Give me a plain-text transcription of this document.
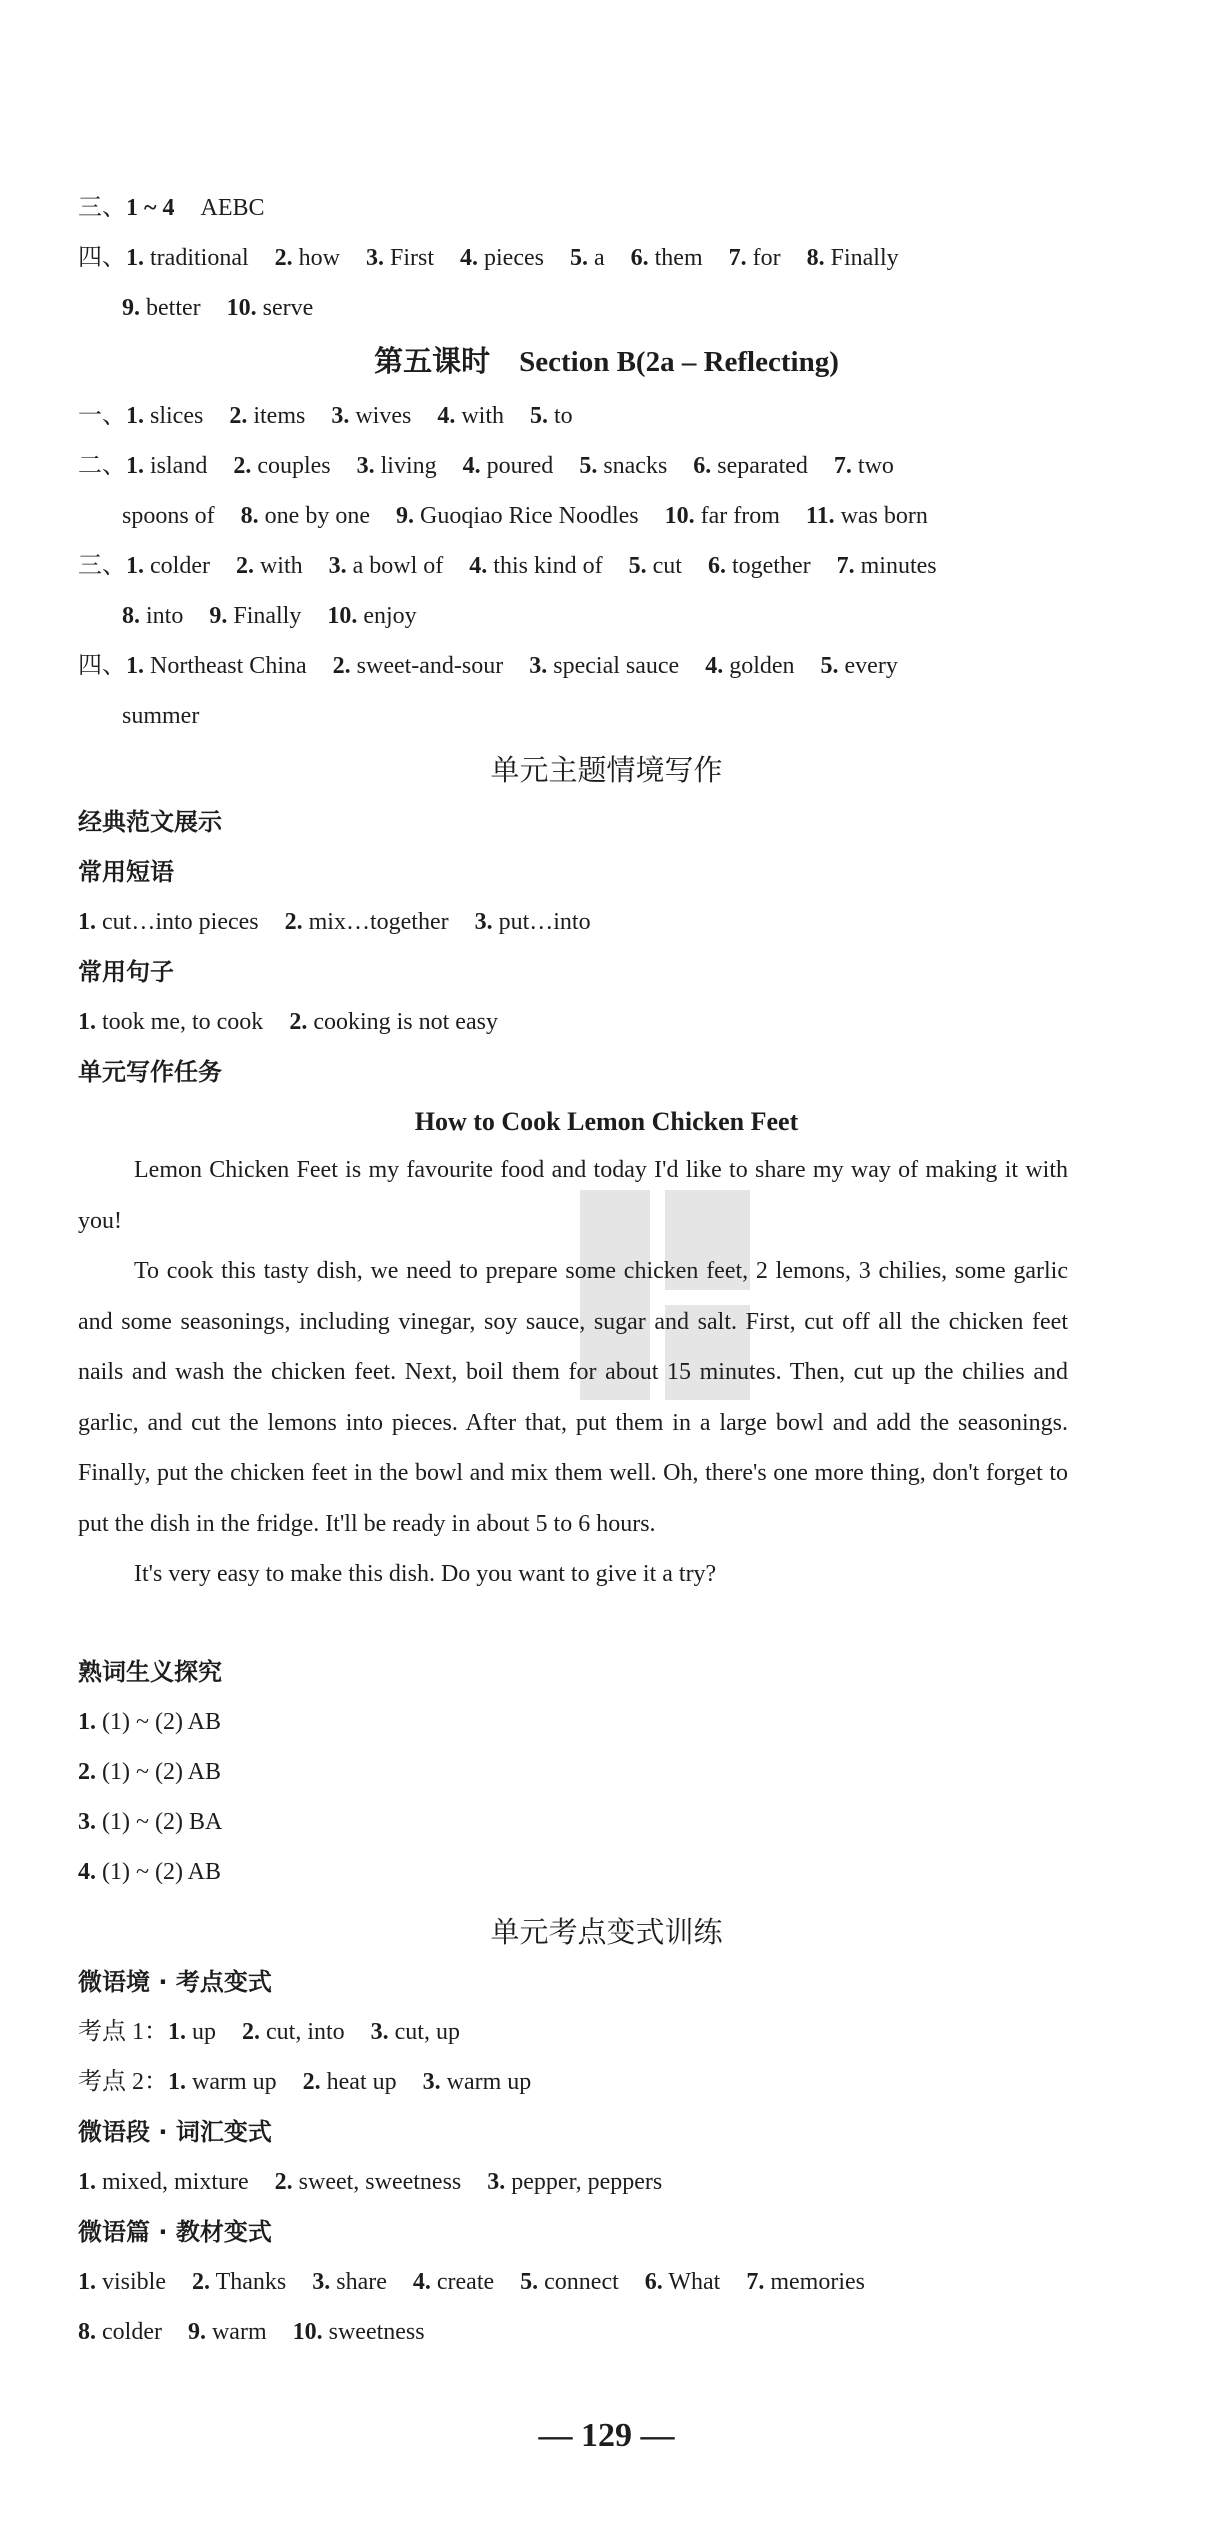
三、1 ~ 4 AEBC
四、1. traditional 2. how 3. First 4. pieces 5. a 6. them 7. for 8. Finally
9. better 10. serve
第五课时　Section B(2a – Reflecting)
一、1. slices 2. items 3. wives 4. with 5. to
二、1. island 2. couples 3. living 4. poured 5. snacks 6. separated 7. two
spoons of 8. one by one 9. Guoqiao Rice Noodles 10. far from 11. was born
三、1. colder 2. with 3. a bowl of 4. this kind of 5. cut 6. together 7. minutes
8. into 9. Finally 10. enjoy
四、1. Northeast China 2. sweet-and-sour 3. special sauce 4. golden 5. every
summer
单元主题情境写作
经典范文展示
常用短语
1. cut…into pieces 2. mix…together 3. put…into
常用句子
1. took me, to cook 2. cooking is not easy
单元写作任务
How to Cook Lemon Chicken Feet

Lemon Chicken Feet is my favourite food and today I'd like to share my way of making it with you!

To cook this tasty dish, we need to prepare some chicken feet, 2 lemons, 3 chilies, some garlic and some seasonings, including vinegar, soy sauce, sugar and salt. First, cut off all the chicken feet nails and wash the chicken feet. Next, boil them for about 15 minutes. Then, cut up the chilies and garlic, and cut the lemons into pieces. After that, put them in a large bowl and add the seasonings. Finally, put the chicken feet in the bowl and mix them well. Oh, there's one more thing, don't forget to put the dish in the fridge. It'll be ready in about 5 to 6 hours.

It's very easy to make this dish. Do you want to give it a try?

熟词生义探究
1. (1) ~ (2) AB
2. (1) ~ (2) AB
3. (1) ~ (2) BA
4. (1) ~ (2) AB
单元考点变式训练
微语境 · 考点变式
考点 1：1. up 2. cut, into 3. cut, up
考点 2：1. warm up 2. heat up 3. warm up
微语段 · 词汇变式
1. mixed, mixture 2. sweet, sweetness 3. pepper, peppers
微语篇 · 教材变式
1. visible 2. Thanks 3. share 4. create 5. connect 6. What 7. memories
8. colder 9. warm 10. sweetness
— 129 —
